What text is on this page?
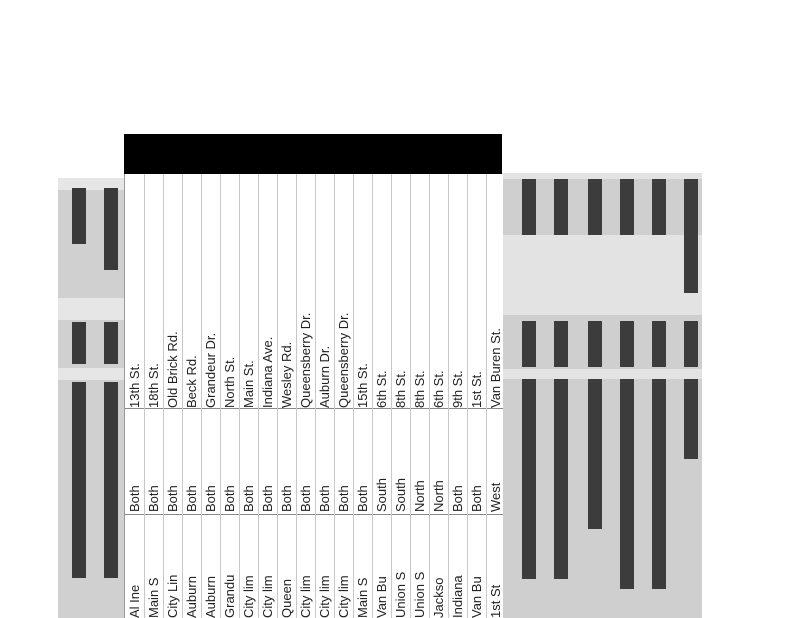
13th St.
Both
Al Ine
18th St.
Both
Main S
Old Brick Rd.
Both
City Lin
Beck Rd.
Both
Auburn
Grandeur Dr.
Both
Auburn
North St.
Both
Grandu
Main St.
Both
City lim
Indiana Ave.
Both
City lim
Wesley Rd.
Both
Queen
Queensberry Dr.
Both
City lim
Auburn Dr.
Both
City lim
Queensberry Dr.
Both
City lim
15th St.
Both
Main S
6th St.
South
Van Bu
8th St.
South
Union S
8th St.
North
Union S
6th St.
North
Jackso
9th St.
Both
Indiana
1st St.
Both
Van Bu
Van Buren St.
West
1st St
